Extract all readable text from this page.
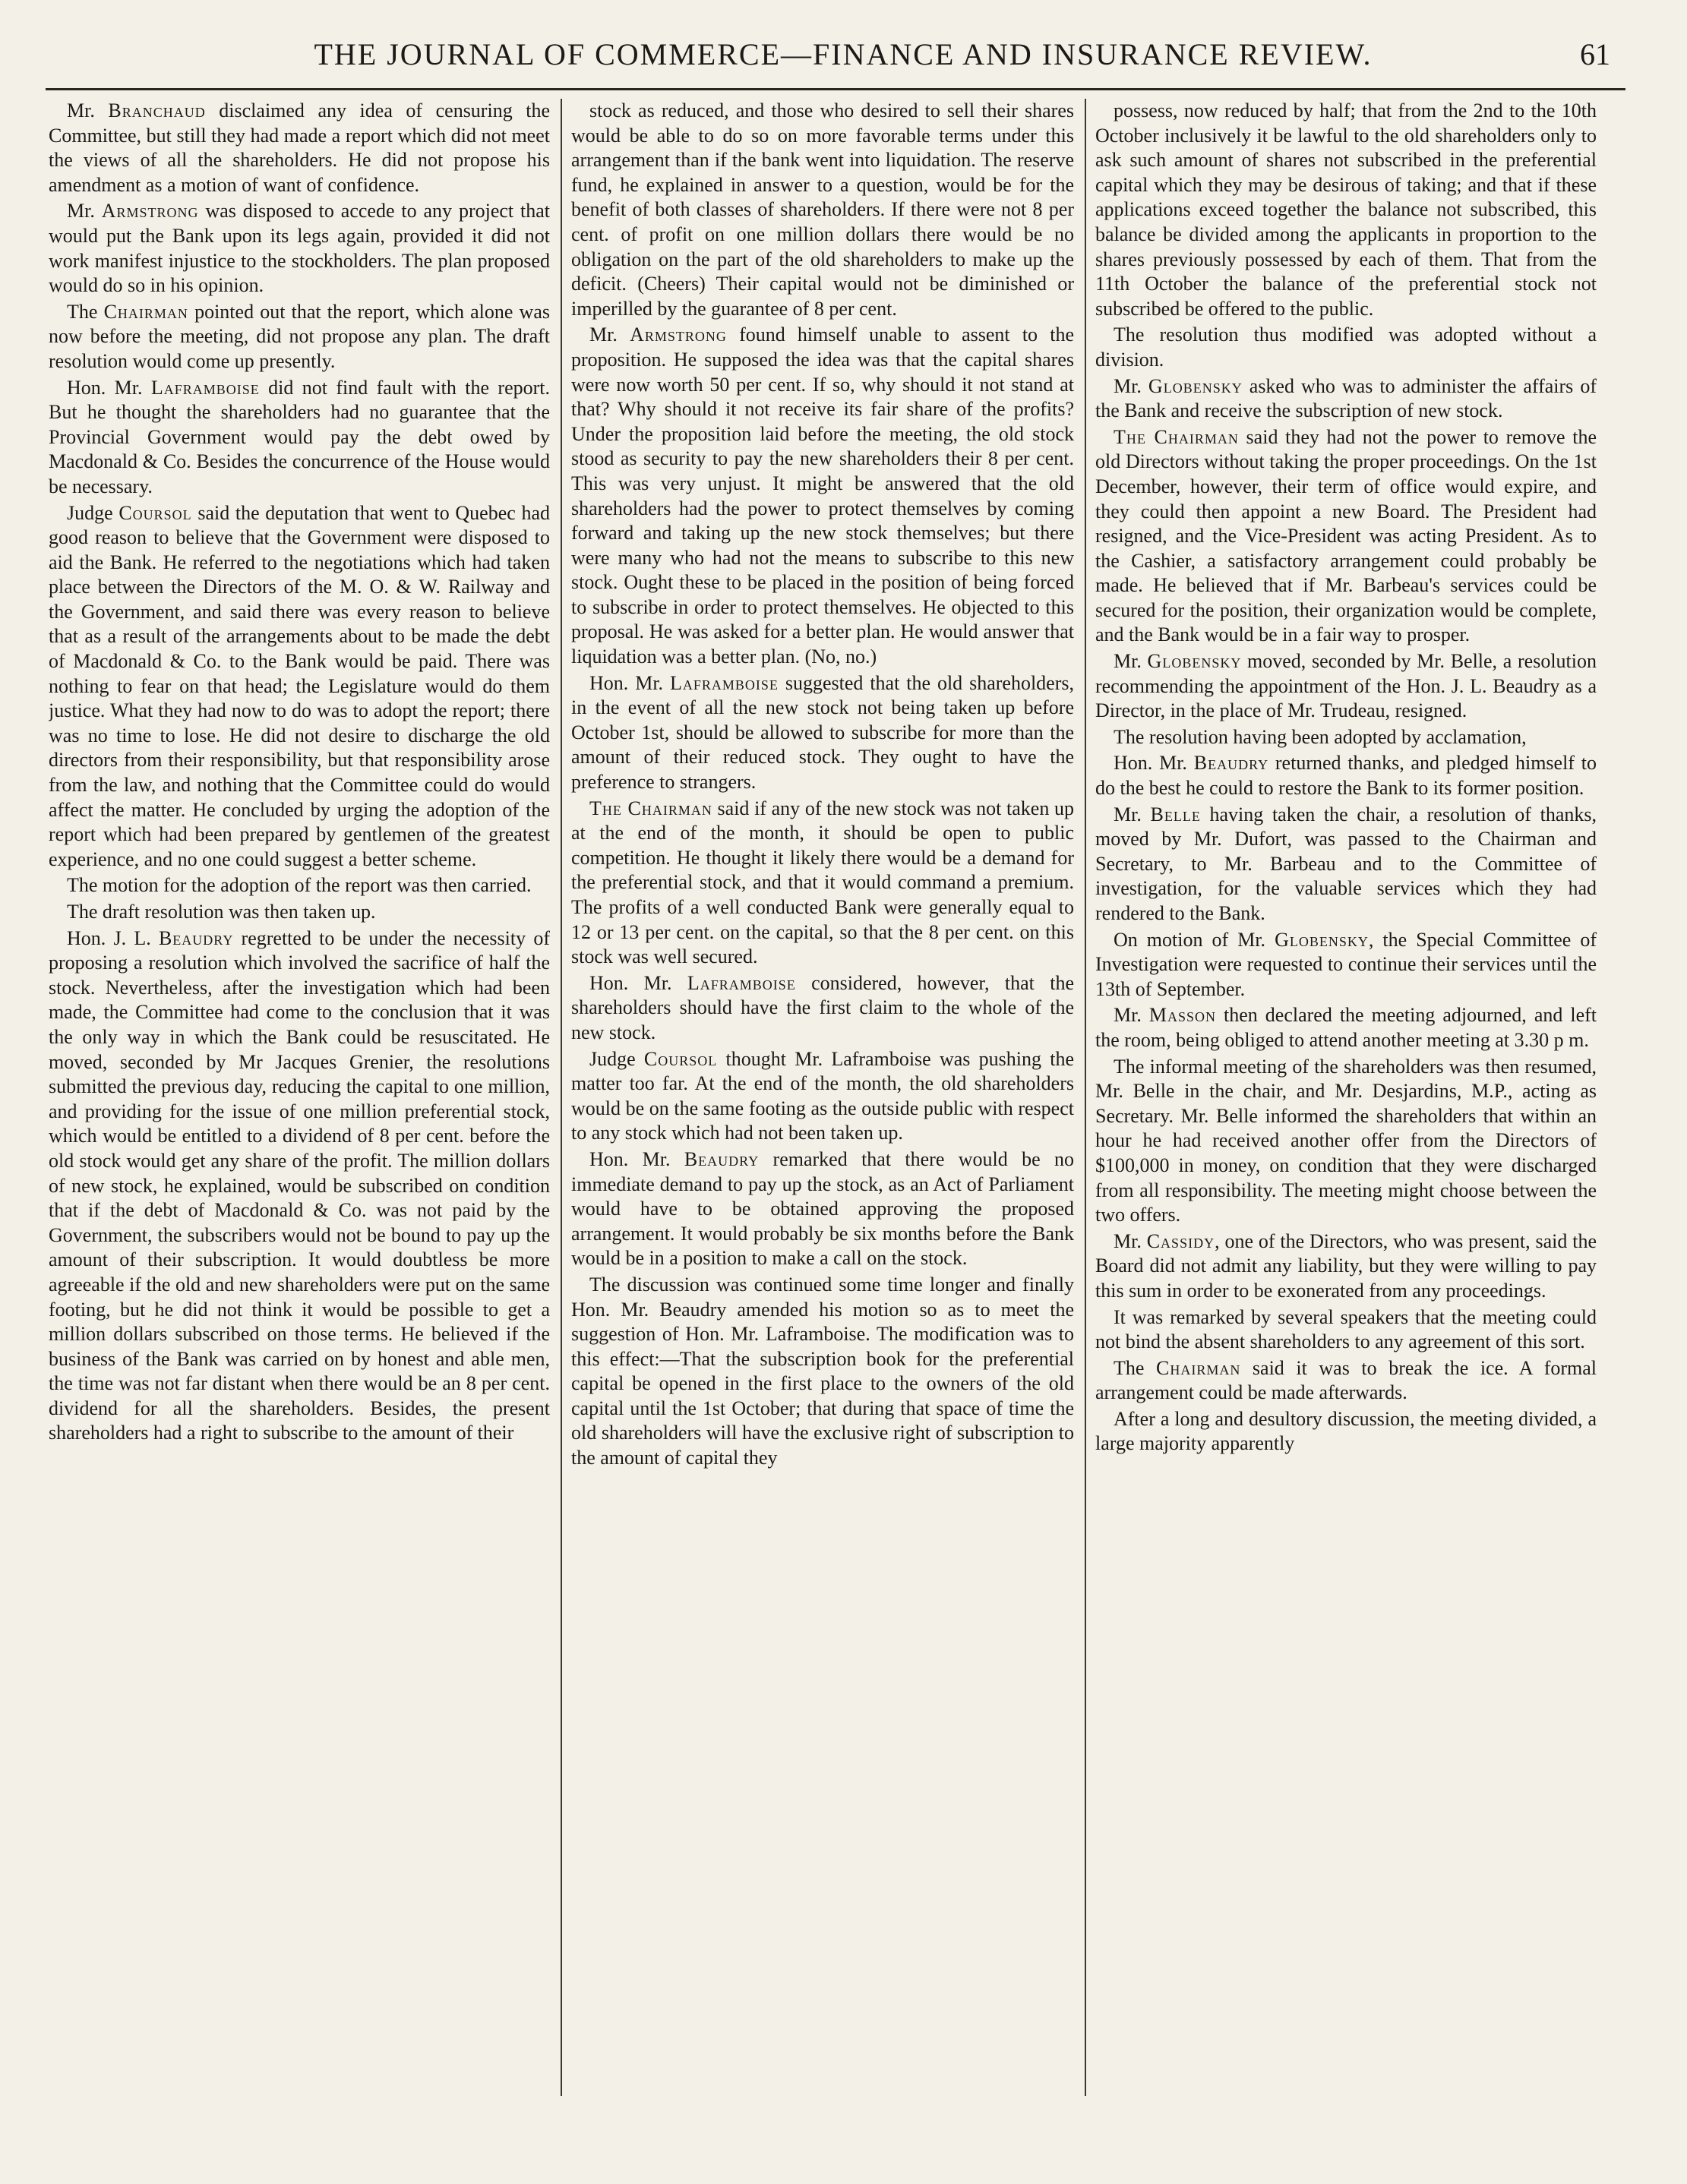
THE JOURNAL OF COMMERCE—FINANCE AND INSURANCE REVIEW.	61

Mr. Branchaud disclaimed any idea of censuring the Committee, but still they had made a report which did not meet the views of all the shareholders. He did not propose his amendment as a motion of want of confidence.

Mr. Armstrong was disposed to accede to any project that would put the Bank upon its legs again, provided it did not work manifest injustice to the stockholders. The plan proposed would do so in his opinion.

The Chairman pointed out that the report, which alone was now before the meeting, did not propose any plan. The draft resolution would come up presently.

Hon. Mr. Laframboise did not find fault with the report. But he thought the shareholders had no guarantee that the Provincial Government would pay the debt owed by Macdonald & Co. Besides the concurrence of the House would be necessary.

Judge Coursol said the deputation that went to Quebec had good reason to believe that the Government were disposed to aid the Bank. He referred to the negotiations which had taken place between the Directors of the M. O. & W. Railway and the Government, and said there was every reason to believe that as a result of the arrangements about to be made the debt of Macdonald & Co. to the Bank would be paid. There was nothing to fear on that head; the Legislature would do them justice. What they had now to do was to adopt the report; there was no time to lose. He did not desire to discharge the old directors from their responsibility, but that responsibility arose from the law, and nothing that the Committee could do would affect the matter. He concluded by urging the adoption of the report which had been prepared by gentlemen of the greatest experience, and no one could suggest a better scheme.

The motion for the adoption of the report was then carried.

The draft resolution was then taken up.

Hon. J. L. Beaudry regretted to be under the necessity of proposing a resolution which involved the sacrifice of half the stock. Nevertheless, after the investigation which had been made, the Committee had come to the conclusion that it was the only way in which the Bank could be resuscitated. He moved, seconded by Mr Jacques Grenier, the resolutions submitted the previous day, reducing the capital to one million, and providing for the issue of one million preferential stock, which would be entitled to a dividend of 8 per cent. before the old stock would get any share of the profit. The million dollars of new stock, he explained, would be subscribed on condition that if the debt of Macdonald & Co. was not paid by the Government, the subscribers would not be bound to pay up the amount of their subscription. It would doubtless be more agreeable if the old and new shareholders were put on the same footing, but he did not think it would be possible to get a million dollars subscribed on those terms. He believed if the business of the Bank was carried on by honest and able men, the time was not far distant when there would be an 8 per cent. dividend for all the shareholders. Besides, the present shareholders had a right to subscribe to the amount of their

stock as reduced, and those who desired to sell their shares would be able to do so on more favorable terms under this arrangement than if the bank went into liquidation. The reserve fund, he explained in answer to a question, would be for the benefit of both classes of shareholders. If there were not 8 per cent. of profit on one million dollars there would be no obligation on the part of the old shareholders to make up the deficit. (Cheers) Their capital would not be diminished or imperilled by the guarantee of 8 per cent.

Mr. Armstrong found himself unable to assent to the proposition. He supposed the idea was that the capital shares were now worth 50 per cent. If so, why should it not stand at that? Why should it not receive its fair share of the profits? Under the proposition laid before the meeting, the old stock stood as security to pay the new shareholders their 8 per cent. This was very unjust. It might be answered that the old shareholders had the power to protect themselves by coming forward and taking up the new stock themselves; but there were many who had not the means to subscribe to this new stock. Ought these to be placed in the position of being forced to subscribe in order to protect themselves. He objected to this proposal. He was asked for a better plan. He would answer that liquidation was a better plan. (No, no.)

Hon. Mr. Laframboise suggested that the old shareholders, in the event of all the new stock not being taken up before October 1st, should be allowed to subscribe for more than the amount of their reduced stock. They ought to have the preference to strangers.

The Chairman said if any of the new stock was not taken up at the end of the month, it should be open to public competition. He thought it likely there would be a demand for the preferential stock, and that it would command a premium. The profits of a well conducted Bank were generally equal to 12 or 13 per cent. on the capital, so that the 8 per cent. on this stock was well secured.

Hon. Mr. Laframboise considered, however, that the shareholders should have the first claim to the whole of the new stock.

Judge Coursol thought Mr. Laframboise was pushing the matter too far. At the end of the month, the old shareholders would be on the same footing as the outside public with respect to any stock which had not been taken up.

Hon. Mr. Beaudry remarked that there would be no immediate demand to pay up the stock, as an Act of Parliament would have to be obtained approving the proposed arrangement. It would probably be six months before the Bank would be in a position to make a call on the stock.

The discussion was continued some time longer and finally Hon. Mr. Beaudry amended his motion so as to meet the suggestion of Hon. Mr. Laframboise. The modification was to this effect:—That the subscription book for the preferential capital be opened in the first place to the owners of the old capital until the 1st October; that during that space of time the old shareholders will have the exclusive right of subscription to the amount of capital they

possess, now reduced by half; that from the 2nd to the 10th October inclusively it be lawful to the old shareholders only to ask such amount of shares not subscribed in the preferential capital which they may be desirous of taking; and that if these applications exceed together the balance not subscribed, this balance be divided among the applicants in proportion to the shares previously possessed by each of them. That from the 11th October the balance of the preferential stock not subscribed be offered to the public.

The resolution thus modified was adopted without a division.

Mr. Globensky asked who was to administer the affairs of the Bank and receive the subscription of new stock.

The Chairman said they had not the power to remove the old Directors without taking the proper proceedings. On the 1st December, however, their term of office would expire, and they could then appoint a new Board. The President had resigned, and the Vice-President was acting President. As to the Cashier, a satisfactory arrangement could probably be made. He believed that if Mr. Barbeau's services could be secured for the position, their organization would be complete, and the Bank would be in a fair way to prosper.

Mr. Globensky moved, seconded by Mr. Belle, a resolution recommending the appointment of the Hon. J. L. Beaudry as a Director, in the place of Mr. Trudeau, resigned.

The resolution having been adopted by acclamation,

Hon. Mr. Beaudry returned thanks, and pledged himself to do the best he could to restore the Bank to its former position.

Mr. Belle having taken the chair, a resolution of thanks, moved by Mr. Dufort, was passed to the Chairman and Secretary, to Mr. Barbeau and to the Committee of investigation, for the valuable services which they had rendered to the Bank.

On motion of Mr. Globensky, the Special Committee of Investigation were requested to continue their services until the 13th of September.

Mr. Masson then declared the meeting adjourned, and left the room, being obliged to attend another meeting at 3.30 p m.

The informal meeting of the shareholders was then resumed, Mr. Belle in the chair, and Mr. Desjardins, M.P., acting as Secretary. Mr. Belle informed the shareholders that within an hour he had received another offer from the Directors of $100,000 in money, on condition that they were discharged from all responsibility. The meeting might choose between the two offers.

Mr. Cassidy, one of the Directors, who was present, said the Board did not admit any liability, but they were willing to pay this sum in order to be exonerated from any proceedings.

It was remarked by several speakers that the meeting could not bind the absent shareholders to any agreement of this sort.

The Chairman said it was to break the ice. A formal arrangement could be made afterwards.

After a long and desultory discussion, the meeting divided, a large majority apparently
